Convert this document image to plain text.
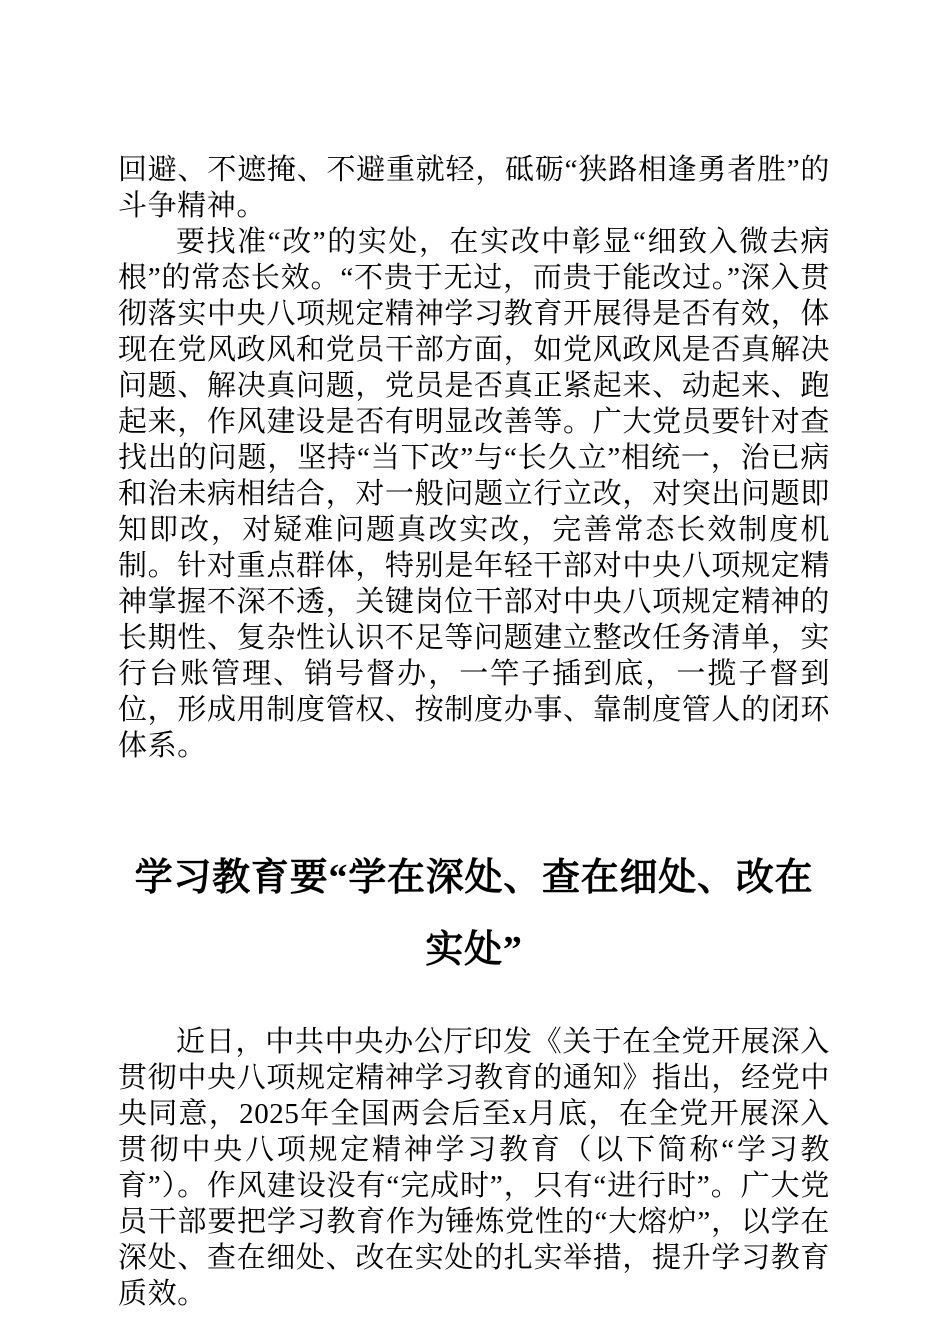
回避、不遮掩、不避重就轻，砥砺“狭路相逢勇者胜”的斗争精神。

要找准“改”的实处，在实改中彰显“细致入微去病根”的常态长效。“不贵于无过，而贵于能改过。”深入贯彻落实中央八项规定精神学习教育开展得是否有效，体现在党风政风和党员干部方面，如党风政风是否真解决问题、解决真问题，党员是否真正紧起来、动起来、跑起来，作风建设是否有明显改善等。广大党员要针对查找出的问题，坚持“当下改”与“长久立”相统一，治已病和治未病相结合，对一般问题立行立改，对突出问题即知即改，对疑难问题真改实改，完善常态长效制度机制。针对重点群体，特别是年轻干部对中央八项规定精神掌握不深不透，关键岗位干部对中央八项规定精神的长期性、复杂性认识不足等问题建立整改任务清单，实行台账管理、销号督办，一竿子插到底，一揽子督到位，形成用制度管权、按制度办事、靠制度管人的闭环体系。

学习教育要“学在深处、查在细处、改在实处”

近日，中共中央办公厅印发《关于在全党开展深入贯彻中央八项规定精神学习教育的通知》指出，经党中央同意，2025年全国两会后至x月底，在全党开展深入贯彻中央八项规定精神学习教育（以下简称“学习教育”）。作风建设没有“完成时”，只有“进行时”。广大党员干部要把学习教育作为锤炼党性的“大熔炉”，以学在深处、查在细处、改在实处的扎实举措，提升学习教育质效。
